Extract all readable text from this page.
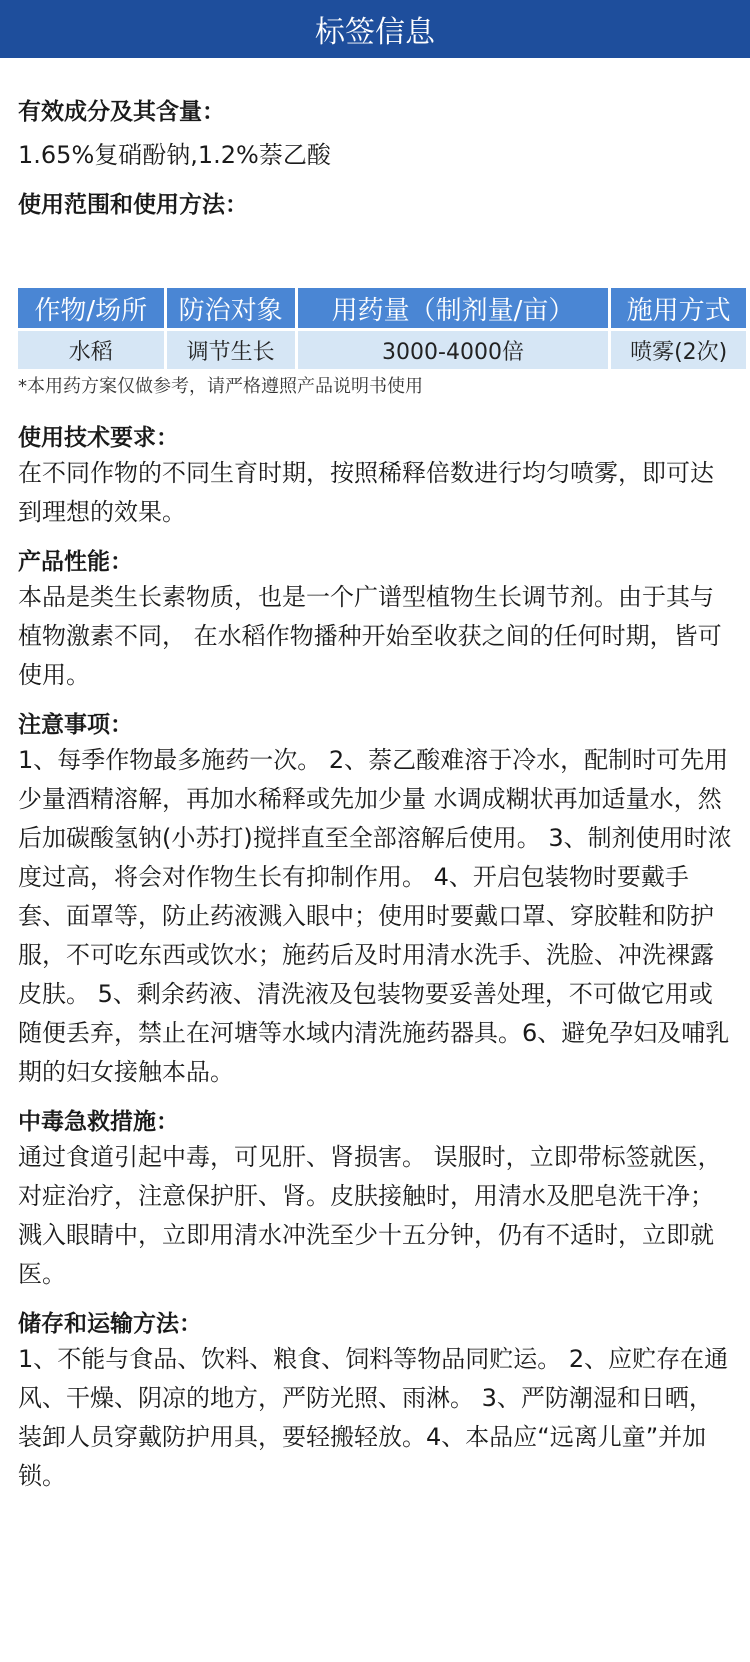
标签信息
有效成分及其含量：
1.65%复硝酚钠,1.2%萘乙酸
使用范围和使用方法：
作物/场所	防治对象	用药量（制剂量/亩）	施用方式
水稻	调节生长	3000-4000倍	喷雾(2次)
*本用药方案仅做参考，请严格遵照产品说明书使用
使用技术要求：
在不同作物的不同生育时期，按照稀释倍数进行均匀喷雾，即可达到理想的效果。
产品性能：
本品是类生长素物质，也是一个广谱型植物生长调节剂。由于其与植物激素不同， 在水稻作物播种开始至收获之间的任何时期，皆可使用。
注意事项：
1、每季作物最多施药一次。 2、萘乙酸难溶于冷水，配制时可先用少量酒精溶解，再加水稀释或先加少量 水调成糊状再加适量水，然后加碳酸氢钠(小苏打)搅拌直至全部溶解后使用。 3、制剂使用时浓度过高，将会对作物生长有抑制作用。 4、开启包装物时要戴手套、面罩等，防止药液溅入眼中；使用时要戴口罩、穿胶鞋和防护服，不可吃东西或饮水；施药后及时用清水洗手、洗脸、冲洗裸露皮肤。 5、剩余药液、清洗液及包装物要妥善处理，不可做它用或随便丢弃，禁止在河塘等水域内清洗施药器具。6、避免孕妇及哺乳期的妇女接触本品。
中毒急救措施：
通过食道引起中毒，可见肝、肾损害。 误服时，立即带标签就医，对症治疗，注意保护肝、肾。皮肤接触时，用清水及肥皂洗干净；溅入眼睛中，立即用清水冲洗至少十五分钟，仍有不适时，立即就医。
储存和运输方法：
1、不能与食品、饮料、粮食、饲料等物品同贮运。 2、应贮存在通风、干燥、阴凉的地方，严防光照、雨淋。 3、严防潮湿和日晒，装卸人员穿戴防护用具，要轻搬轻放。4、本品应“远离儿童”并加锁。
